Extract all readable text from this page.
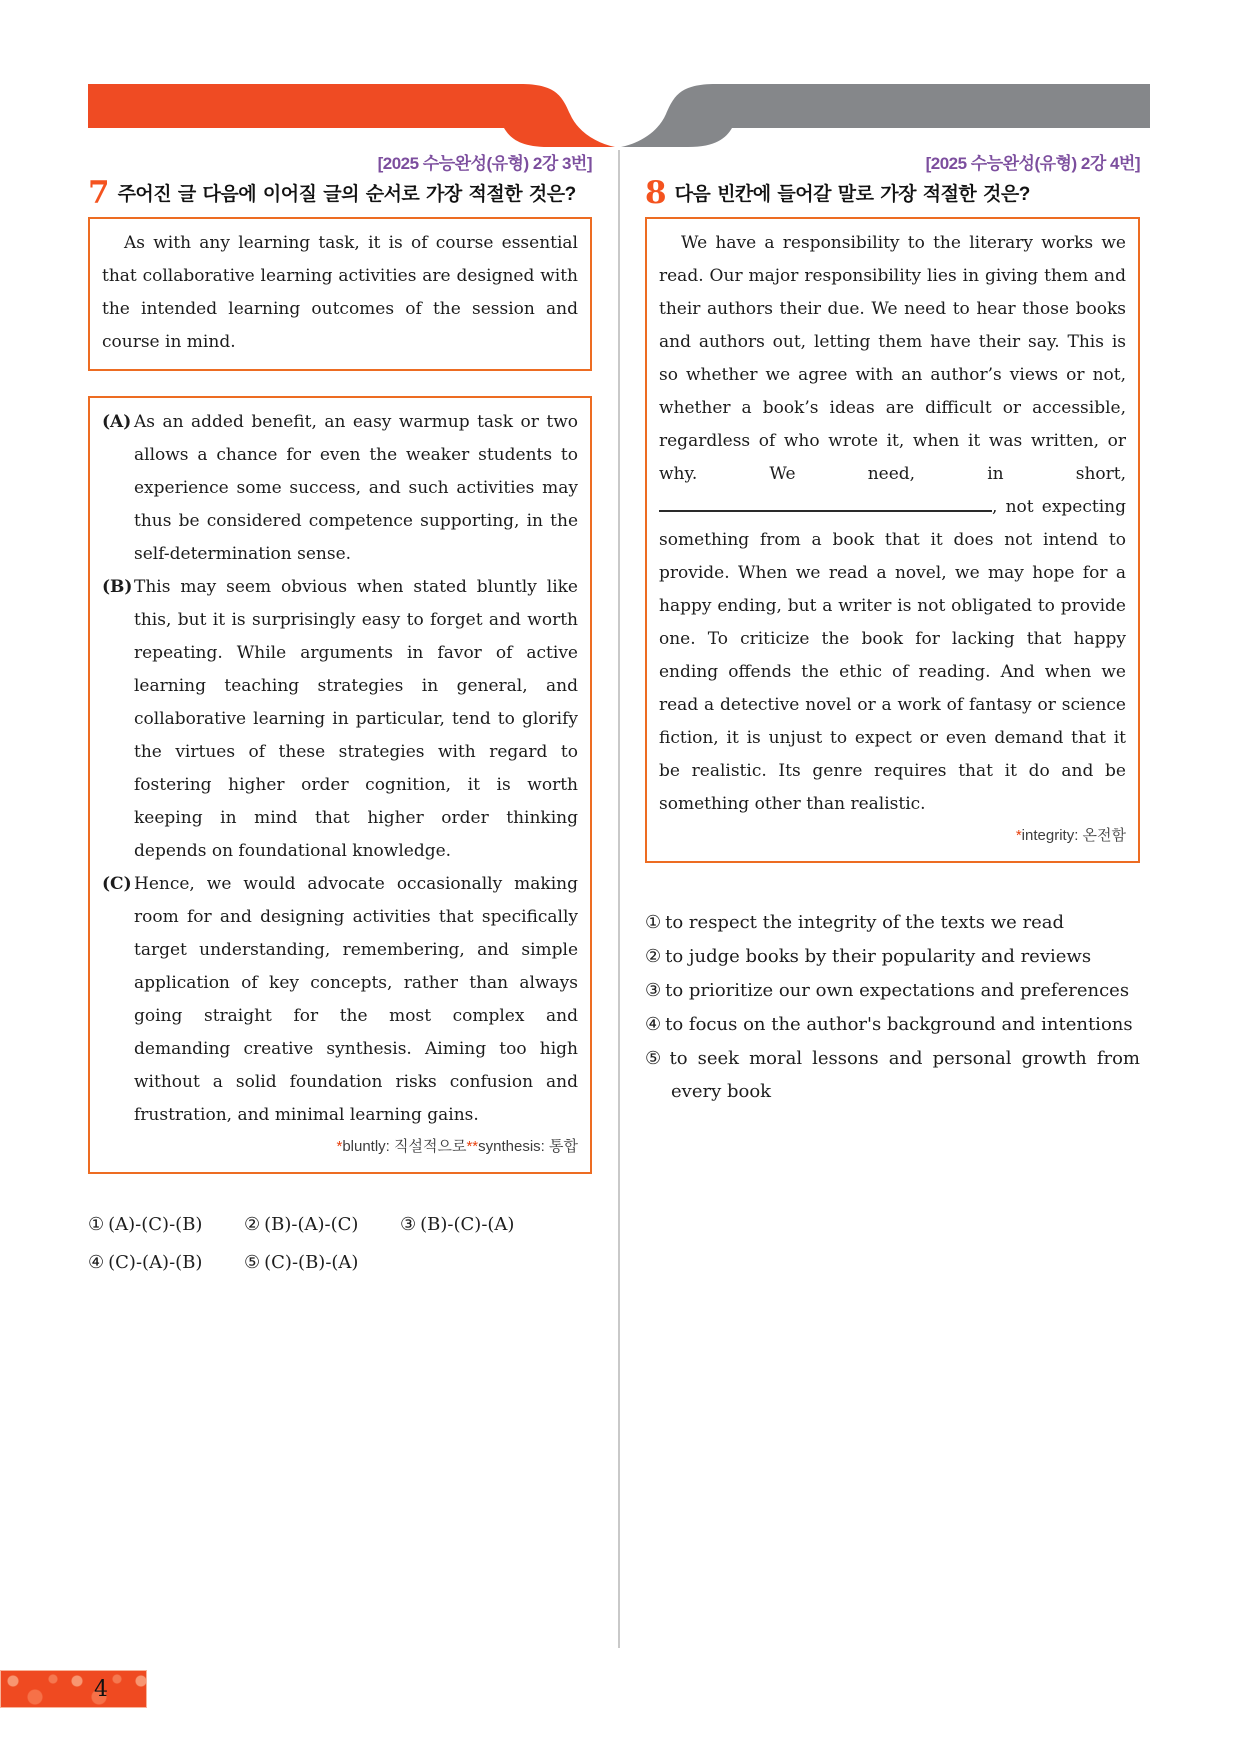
[2025 수능완성(유형) 2강 3번]
7 주어진 글 다음에 이어질 글의 순서로 가장 적절한 것은?

As with any learning task, it is of course essential that collaborative learning activities are designed with the intended learning outcomes of the session and course in mind.

(A) As an added benefit, an easy warmup task or two allows a chance for even the weaker students to experience some success, and such activities may thus be considered competence supporting, in the self-determination sense.

(B)This may seem obvious when stated bluntly like this, but it is surprisingly easy to forget and worth repeating. While arguments in favor of active learning teaching strategies in general, and collaborative learning in particular, tend to glorify the virtues of these strategies with regard to fostering higher order cognition, it is worth keeping in mind that higher order thinking depends on foundational knowledge.

(C) Hence, we would advocate occasionally making room for and designing activities that specifically target understanding, remembering, and simple application of key concepts, rather than always going straight for the most complex and demanding creative synthesis. Aiming too high without a solid foundation risks confusion and frustration, and minimal learning gains.

*bluntly: 직설적으로**synthesis: 통합
① (A)-(C)-(B)	② (B)-(A)-(C)	③ (B)-(C)-(A)
④ (C)-(A)-(B)	⑤ (C)-(B)-(A)
[2025 수능완성(유형) 2강 4번]
8 다음 빈칸에 들어갈 말로 가장 적절한 것은?

We have a responsibility to the literary works we read. Our major responsibility lies in giving them and their authors their due. We need to hear those books and authors out, letting them have their say. This is so whether we agree with an author’s views or not, whether a book’s ideas are difficult or accessible, regardless of who wrote it, when it was written, or why. We need, in short, , not expecting something from a book that it does not intend to provide. When we read a novel, we may hope for a happy ending, but a writer is not obligated to provide one. To criticize the book for lacking that happy ending offends the ethic of reading. And when we read a detective novel or a work of fantasy or science fiction, it is unjust to expect or even demand that it be realistic. Its genre requires that it do and be something other than realistic.

*integrity: 온전함
① to respect the integrity of the texts we read
② to judge books by their popularity and reviews
③ to prioritize our own expectations and preferences
④ to focus on the author's background and intentions
⑤ to seek moral lessons and personal growth from every book
4
